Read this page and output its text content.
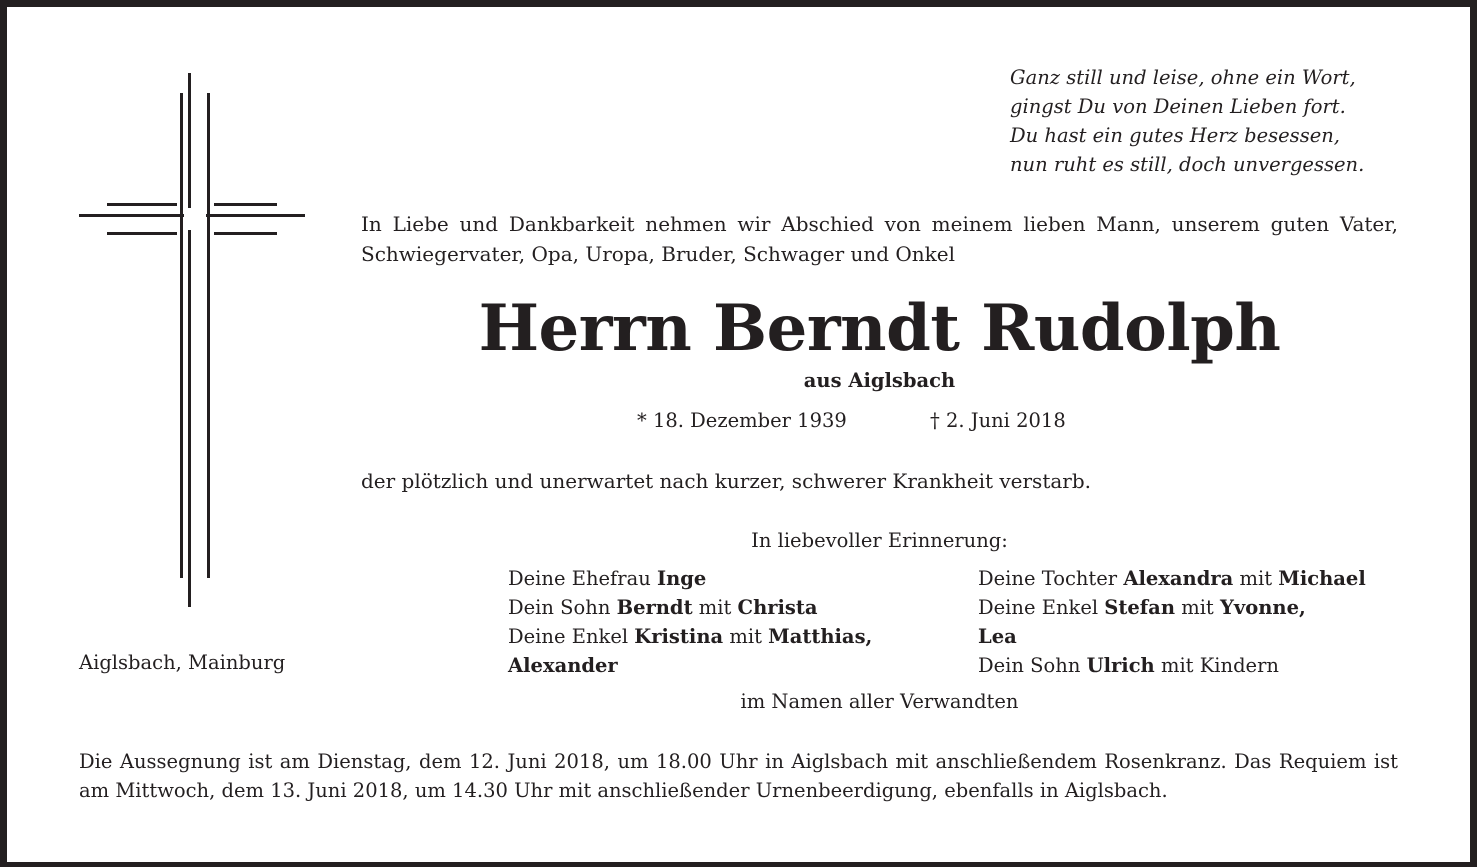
Ganz still und leise, ohne ein Wort,
gingst Du von Deinen Lieben fort.
Du hast ein gutes Herz besessen,
nun ruht es still, doch unvergessen.
In Liebe und Dankbarkeit nehmen wir Abschied von meinem lieben Mann, unserem guten Vater, Schwiegervater, Opa, Uropa, Bruder, Schwager und Onkel
Herrn Berndt Rudolph
aus Aiglsbach
* 18. Dezember 1939	† 2. Juni 2018
der plötzlich und unerwartet nach kurzer, schwerer Krankheit verstarb.
In liebevoller Erinnerung:
Deine Ehefrau Inge
Dein Sohn Berndt mit Christa
Deine Enkel Kristina mit Matthias,
Alexander
Deine Tochter Alexandra mit Michael
Deine Enkel Stefan mit Yvonne,
Lea
Dein Sohn Ulrich mit Kindern
Aiglsbach, Mainburg
im Namen aller Verwandten
Die Aussegnung ist am Dienstag, dem 12. Juni 2018, um 18.00 Uhr in Aiglsbach mit anschließendem Rosenkranz. Das Requiem ist am Mittwoch, dem 13. Juni 2018, um 14.30 Uhr mit anschließender Urnenbeerdigung, ebenfalls in Aiglsbach.
